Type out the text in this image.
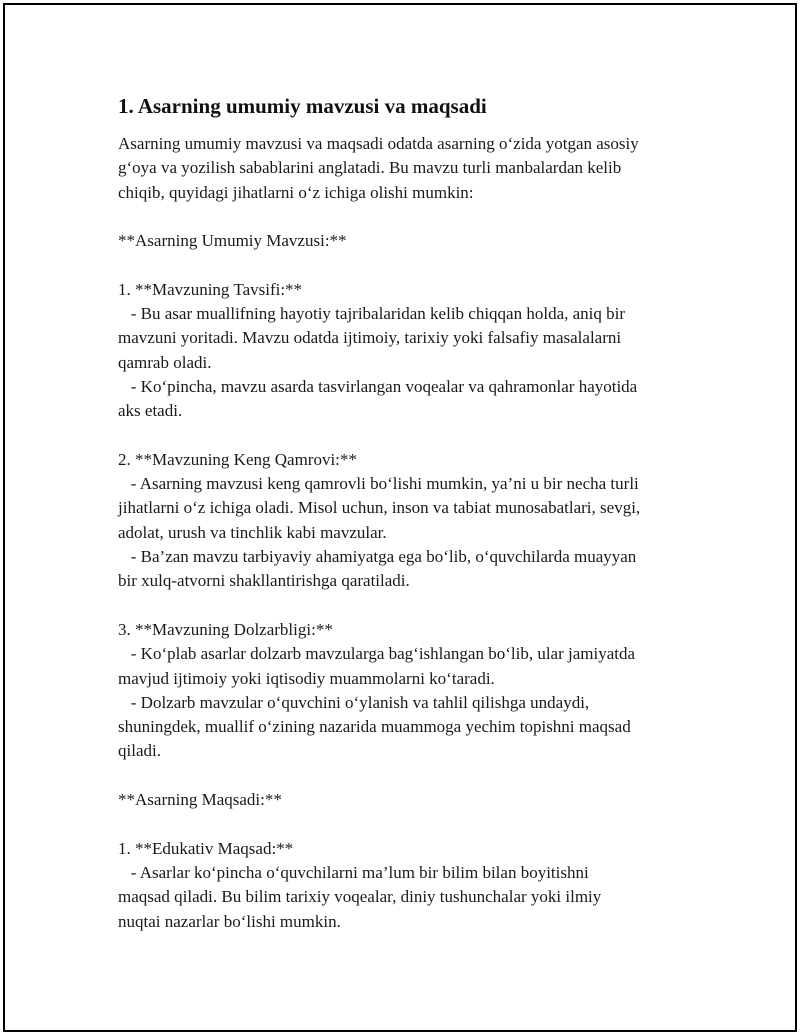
1. Asarning umumiy mavzusi va maqsadi
Asarning umumiy mavzusi va maqsadi odatda asarning o‘zida yotgan asosiy
g‘oya va yozilish sabablarini anglatadi. Bu mavzu turli manbalardan kelib
chiqib, quyidagi jihatlarni o‘z ichiga olishi mumkin:
**Asarning Umumiy Mavzusi:**
1. **Mavzuning Tavsifi:**
- Bu asar muallifning hayotiy tajribalaridan kelib chiqqan holda, aniq bir
mavzuni yoritadi. Mavzu odatda ijtimoiy, tarixiy yoki falsafiy masalalarni
qamrab oladi.
- Ko‘pincha, mavzu asarda tasvirlangan voqealar va qahramonlar hayotida
aks etadi.
2. **Mavzuning Keng Qamrovi:**
- Asarning mavzusi keng qamrovli bo‘lishi mumkin, ya’ni u bir necha turli
jihatlarni o‘z ichiga oladi. Misol uchun, inson va tabiat munosabatlari, sevgi,
adolat, urush va tinchlik kabi mavzular.
- Ba’zan mavzu tarbiyaviy ahamiyatga ega bo‘lib, o‘quvchilarda muayyan
bir xulq-atvorni shakllantirishga qaratiladi.
3. **Mavzuning Dolzarbligi:**
- Ko‘plab asarlar dolzarb mavzularga bag‘ishlangan bo‘lib, ular jamiyatda
mavjud ijtimoiy yoki iqtisodiy muammolarni ko‘taradi.
- Dolzarb mavzular o‘quvchini o‘ylanish va tahlil qilishga undaydi,
shuningdek, muallif o‘zining nazarida muammoga yechim topishni maqsad
qiladi.
**Asarning Maqsadi:**
1. **Edukativ Maqsad:**
- Asarlar ko‘pincha o‘quvchilarni ma’lum bir bilim bilan boyitishni
maqsad qiladi. Bu bilim tarixiy voqealar, diniy tushunchalar yoki ilmiy
nuqtai nazarlar bo‘lishi mumkin.
